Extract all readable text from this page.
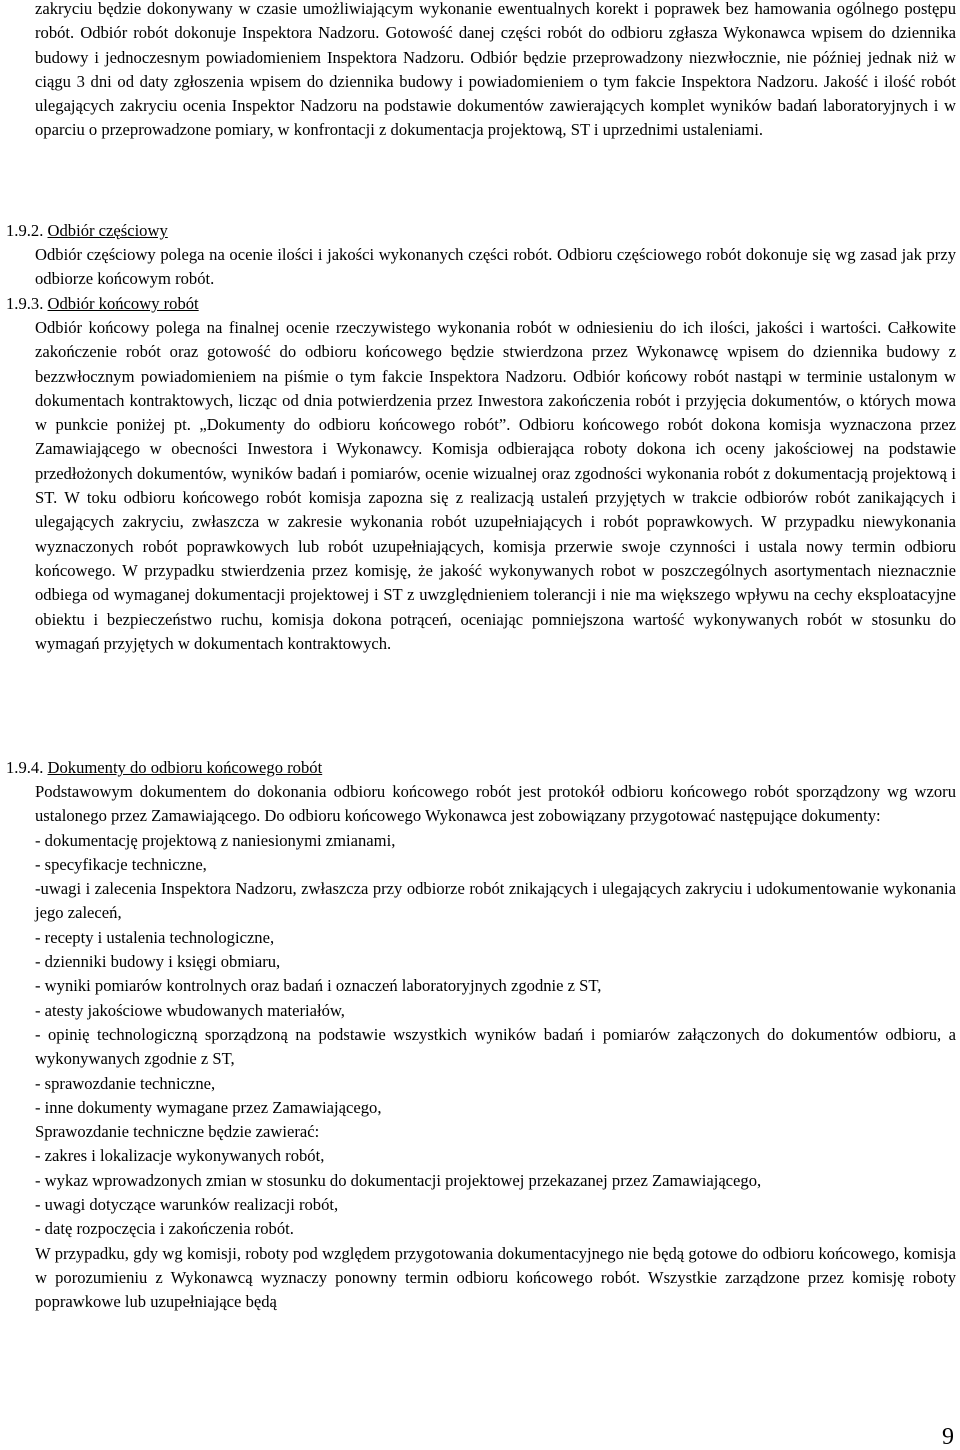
zakryciu będzie dokonywany w czasie umożliwiającym wykonanie ewentualnych korekt i poprawek bez hamowania ogólnego postępu robót. Odbiór robót dokonuje Inspektora Nadzoru. Gotowość danej części robót do odbioru zgłasza Wykonawca wpisem do dziennika budowy i jednoczesnym powiadomieniem Inspektora Nadzoru. Odbiór będzie przeprowadzony niezwłocznie, nie później jednak niż w ciągu 3 dni od daty zgłoszenia wpisem do dziennika budowy i powiadomieniem o tym fakcie Inspektora Nadzoru. Jakość i ilość robót ulegających zakryciu ocenia Inspektor Nadzoru na podstawie dokumentów zawierających komplet wyników badań laboratoryjnych i w oparciu o przeprowadzone pomiary, w konfrontacji z dokumentacja projektową, ST i uprzednimi ustaleniami.

1.9.2. Odbiór częściowy

Odbiór częściowy polega na ocenie ilości i jakości wykonanych części robót. Odbioru częściowego robót dokonuje się wg zasad jak przy odbiorze końcowym robót.

1.9.3. Odbiór końcowy robót

Odbiór końcowy polega na finalnej ocenie rzeczywistego wykonania robót w odniesieniu do ich ilości, jakości i wartości. Całkowite zakończenie robót oraz gotowość do odbioru końcowego będzie stwierdzona przez Wykonawcę wpisem do dziennika budowy z bezzwłocznym powiadomieniem na piśmie o tym fakcie Inspektora Nadzoru. Odbiór końcowy robót nastąpi w terminie ustalonym w dokumentach kontraktowych, licząc od dnia potwierdzenia przez Inwestora zakończenia robót i przyjęcia dokumentów, o których mowa w punkcie poniżej pt. „Dokumenty do odbioru końcowego robót”. Odbioru końcowego robót dokona komisja wyznaczona przez Zamawiającego w obecności Inwestora i Wykonawcy. Komisja odbierająca roboty dokona ich oceny jakościowej na podstawie przedłożonych dokumentów, wyników badań i pomiarów, ocenie wizualnej oraz zgodności wykonania robót z dokumentacją projektową i ST. W toku odbioru końcowego robót komisja zapozna się z realizacją ustaleń przyjętych w trakcie odbiorów robót zanikających i ulegających zakryciu, zwłaszcza w zakresie wykonania robót uzupełniających i robót poprawkowych. W przypadku niewykonania wyznaczonych robót poprawkowych lub robót uzupełniających, komisja przerwie swoje czynności i ustala nowy termin odbioru końcowego. W przypadku stwierdzenia przez komisję, że jakość wykonywanych robot w poszczególnych asortymentach nieznacznie odbiega od wymaganej dokumentacji projektowej i ST z uwzględnieniem tolerancji i nie ma większego wpływu na cechy eksploatacyjne obiektu i bezpieczeństwo ruchu, komisja dokona potrąceń, oceniając pomniejszona wartość wykonywanych robót w stosunku do wymagań przyjętych w dokumentach kontraktowych.

1.9.4. Dokumenty do odbioru końcowego robót

Podstawowym dokumentem do dokonania odbioru końcowego robót jest protokół odbioru końcowego robót sporządzony wg wzoru ustalonego przez Zamawiającego. Do odbioru końcowego Wykonawca jest zobowiązany przygotować następujące dokumenty:

- dokumentację projektową z naniesionymi zmianami,
- specyfikacje techniczne,
-uwagi i zalecenia Inspektora Nadzoru, zwłaszcza przy odbiorze robót znikających i ulegających zakryciu i udokumentowanie wykonania jego zaleceń,
- recepty i ustalenia technologiczne,
- dzienniki budowy i księgi obmiaru,
- wyniki pomiarów kontrolnych oraz badań i oznaczeń laboratoryjnych zgodnie z ST,
- atesty jakościowe wbudowanych materiałów,
- opinię technologiczną sporządzoną na podstawie wszystkich wyników badań i pomiarów załączonych do dokumentów odbioru, a wykonywanych zgodnie z ST,
- sprawozdanie techniczne,
- inne dokumenty wymagane przez Zamawiającego,

Sprawozdanie techniczne będzie zawierać:

- zakres i lokalizacje wykonywanych robót,
- wykaz wprowadzonych zmian w stosunku do dokumentacji projektowej przekazanej przez Zamawiającego,
- uwagi dotyczące warunków realizacji robót,
- datę rozpoczęcia i zakończenia robót.

W przypadku, gdy wg komisji, roboty pod względem przygotowania dokumentacyjnego nie będą gotowe do odbioru końcowego, komisja w porozumieniu z Wykonawcą wyznaczy ponowny termin odbioru końcowego robót. Wszystkie zarządzone przez komisję roboty poprawkowe lub uzupełniające będą

9
